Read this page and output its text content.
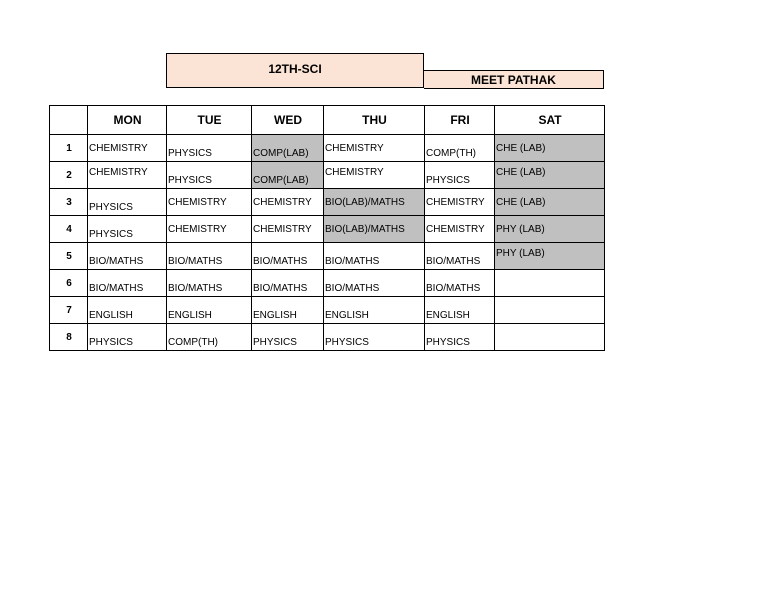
12TH-SCI
MEET PATHAK
	MON	TUE	WED	THU	FRI	SAT
1	CHEMISTRY	PHYSICS	COMP(LAB)	CHEMISTRY	COMP(TH)	CHE (LAB)
2	CHEMISTRY	PHYSICS	COMP(LAB)	CHEMISTRY	PHYSICS	CHE (LAB)
3	PHYSICS	CHEMISTRY	CHEMISTRY	BIO(LAB)/MATHS	CHEMISTRY	CHE (LAB)
4	PHYSICS	CHEMISTRY	CHEMISTRY	BIO(LAB)/MATHS	CHEMISTRY	PHY (LAB)
5	BIO/MATHS	BIO/MATHS	BIO/MATHS	BIO/MATHS	BIO/MATHS	PHY (LAB)
6	BIO/MATHS	BIO/MATHS	BIO/MATHS	BIO/MATHS	BIO/MATHS	
7	ENGLISH	ENGLISH	ENGLISH	ENGLISH	ENGLISH	
8	PHYSICS	COMP(TH)	PHYSICS	PHYSICS	PHYSICS	
